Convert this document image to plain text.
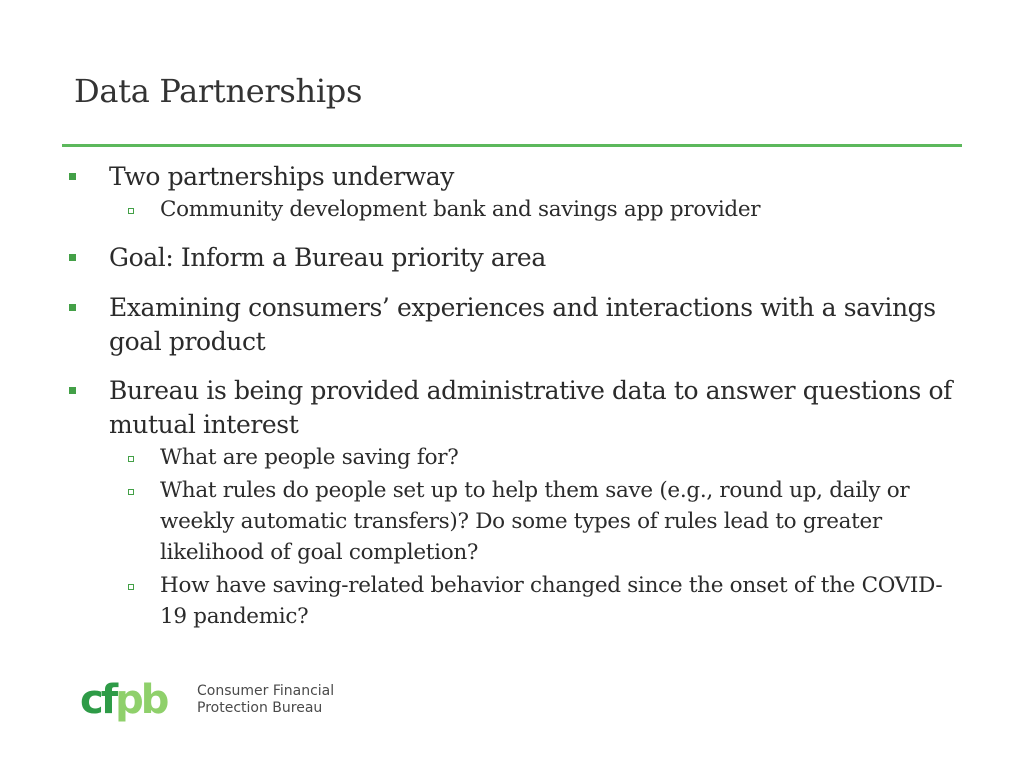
Data Partnerships
Two partnerships underway
Community development bank and savings app provider
Goal: Inform a Bureau priority area
Examining consumers’ experiences and interactions with a savings goal product
Bureau is being provided administrative data to answer questions of mutual interest
What are people saving for?
What rules do people set up to help them save (e.g., round up, daily or weekly automatic transfers)? Do some types of rules lead to greater likelihood of goal completion?
How have saving-related behavior changed since the onset of the COVID-19 pandemic?
cfpb Consumer Financial
Protection Bureau
